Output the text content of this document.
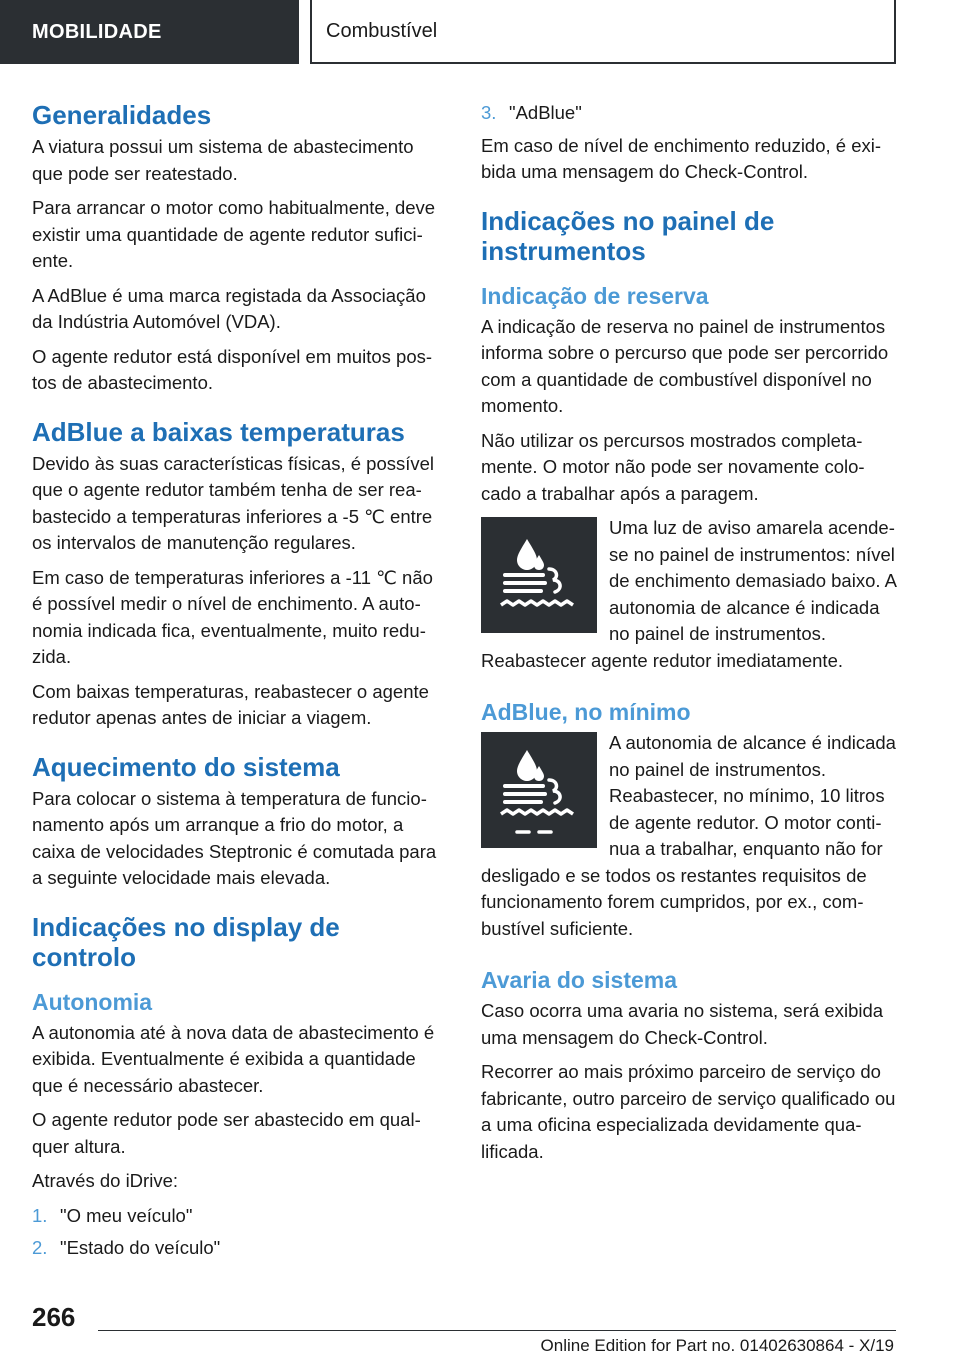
MOBILIDADE	Combustível
Generalidades
A viatura possui um sistema de abastecimento que pode ser reatestado.
Para arrancar o motor como habitualmente, deve existir uma quantidade de agente redutor suficiente.
A AdBlue é uma marca registada da Associação da Indústria Automóvel (VDA).
O agente redutor está disponível em muitos postos de abastecimento.
AdBlue a baixas temperaturas
Devido às suas características físicas, é possível que o agente redutor também tenha de ser reabastecido a temperaturas inferiores a -5 ℃ entre os intervalos de manutenção regulares.
Em caso de temperaturas inferiores a -11 ℃ não é possível medir o nível de enchimento. A autonomia indicada fica, eventualmente, muito reduzida.
Com baixas temperaturas, reabastecer o agente redutor apenas antes de iniciar a viagem.
Aquecimento do sistema
Para colocar o sistema à temperatura de funcionamento após um arranque a frio do motor, a caixa de velocidades Steptronic é comutada para a seguinte velocidade mais elevada.
Indicações no display de controlo
Autonomia
A autonomia até à nova data de abastecimento é exibida. Eventualmente é exibida a quantidade que é necessário abastecer.
O agente redutor pode ser abastecido em qualquer altura.
Através do iDrive:
1. "O meu veículo"
2. "Estado do veículo"
3. "AdBlue"
Em caso de nível de enchimento reduzido, é exibida uma mensagem do Check-Control.
Indicações no painel de instrumentos
Indicação de reserva
A indicação de reserva no painel de instrumentos informa sobre o percurso que pode ser percorrido com a quantidade de combustível disponível no momento.
Não utilizar os percursos mostrados completamente. O motor não pode ser novamente colocado a trabalhar após a paragem.
Uma luz de aviso amarela acende-se no painel de instrumentos: nível de enchimento demasiado baixo. A autonomia de alcance é indicada no painel de instrumentos. Reabastecer agente redutor imediatamente.
AdBlue, no mínimo
A autonomia de alcance é indicada no painel de instrumentos. Reabastecer, no mínimo, 10 litros de agente redutor. O motor continua a trabalhar, enquanto não for desligado e se todos os restantes requisitos de funcionamento forem cumpridos, por ex., combustível suficiente.
Avaria do sistema
Caso ocorra uma avaria no sistema, será exibida uma mensagem do Check-Control.
Recorrer ao mais próximo parceiro de serviço do fabricante, outro parceiro de serviço qualificado ou a uma oficina especializada devidamente qualificada.
266
Online Edition for Part no. 01402630864 - X/19
